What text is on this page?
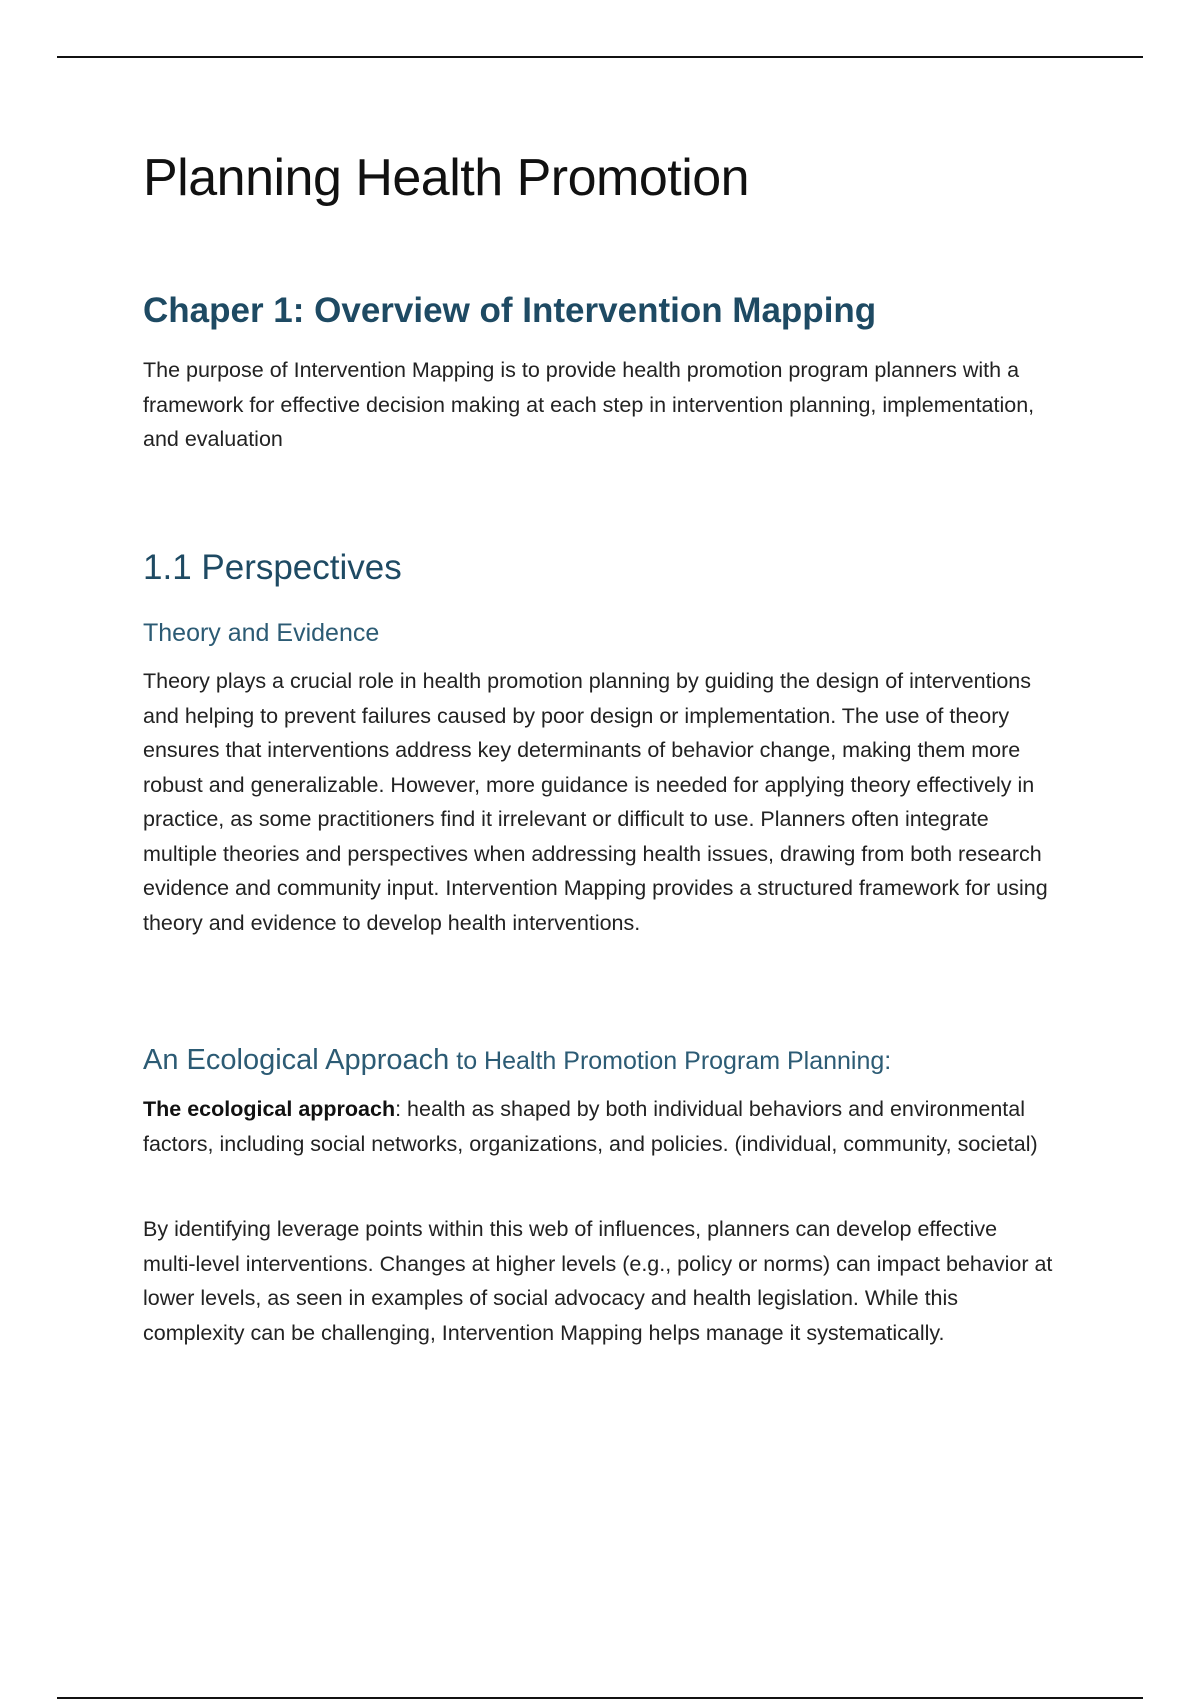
Planning Health Promotion
Chaper 1: Overview of Intervention Mapping

The purpose of Intervention Mapping is to provide health promotion program planners with a framework for effective decision making at each step in intervention planning, implementation, and evaluation

1.1 Perspectives
Theory and Evidence

Theory plays a crucial role in health promotion planning by guiding the design of interventions and helping to prevent failures caused by poor design or implementation. The use of theory ensures that interventions address key determinants of behavior change, making them more robust and generalizable. However, more guidance is needed for applying theory effectively in practice, as some practitioners find it irrelevant or difficult to use. Planners often integrate multiple theories and perspectives when addressing health issues, drawing from both research evidence and community input. Intervention Mapping provides a structured framework for using theory and evidence to develop health interventions.

An Ecological Approach to Health Promotion Program Planning:

The ecological approach: health as shaped by both individual behaviors and environmental factors, including social networks, organizations, and policies. (individual, community, societal)

By identifying leverage points within this web of influences, planners can develop effective multi-level interventions. Changes at higher levels (e.g., policy or norms) can impact behavior at lower levels, as seen in examples of social advocacy and health legislation. While this complexity can be challenging, Intervention Mapping helps manage it systematically.
